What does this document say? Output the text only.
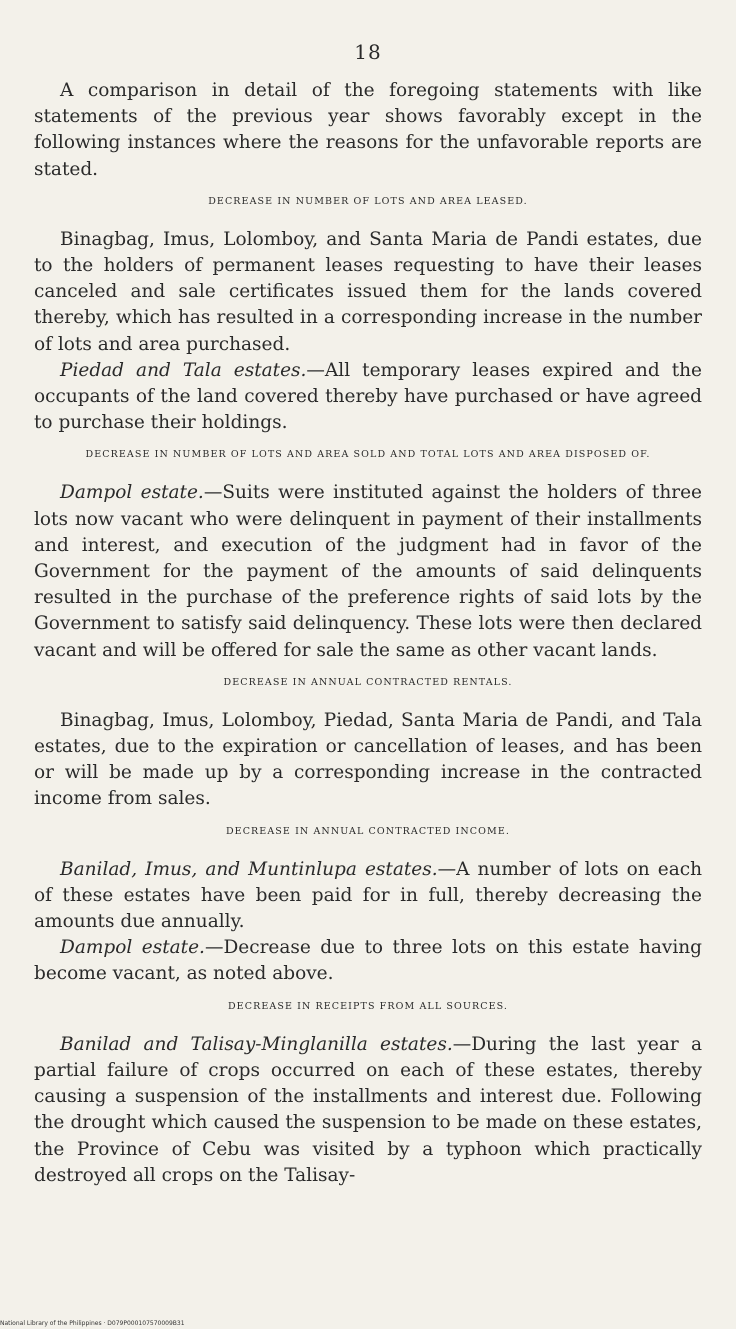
18

A comparison in detail of the foregoing statements with like statements of the previous year shows favorably except in the following instances where the reasons for the unfavorable reports are stated.

DECREASE IN NUMBER OF LOTS AND AREA LEASED.

Binagbag, Imus, Lolomboy, and Santa Maria de Pandi estates, due to the holders of permanent leases requesting to have their leases canceled and sale certificates issued them for the lands covered thereby, which has resulted in a corresponding increase in the number of lots and area purchased.

Piedad and Tala estates.—All temporary leases expired and the occupants of the land covered thereby have purchased or have agreed to purchase their holdings.

DECREASE IN NUMBER OF LOTS AND AREA SOLD AND TOTAL LOTS AND AREA DISPOSED OF.

Dampol estate.—Suits were instituted against the holders of three lots now vacant who were delinquent in payment of their installments and interest, and execution of the judgment had in favor of the Government for the payment of the amounts of said delinquents resulted in the purchase of the preference rights of said lots by the Government to satisfy said delinquency. These lots were then declared vacant and will be offered for sale the same as other vacant lands.

DECREASE IN ANNUAL CONTRACTED RENTALS.

Binagbag, Imus, Lolomboy, Piedad, Santa Maria de Pandi, and Tala estates, due to the expiration or cancellation of leases, and has been or will be made up by a corresponding increase in the contracted income from sales.

DECREASE IN ANNUAL CONTRACTED INCOME.

Banilad, Imus, and Muntinlupa estates.—A number of lots on each of these estates have been paid for in full, thereby decreasing the amounts due annually.

Dampol estate.—Decrease due to three lots on this estate having become vacant, as noted above.

DECREASE IN RECEIPTS FROM ALL SOURCES.

Banilad and Talisay-Minglanilla estates.—During the last year a partial failure of crops occurred on each of these estates, thereby causing a suspension of the installments and interest due. Following the drought which caused the suspension to be made on these estates, the Province of Cebu was visited by a typhoon which practically destroyed all crops on the Talisay-

National Library of the Philippines · D079P000107570009B31
